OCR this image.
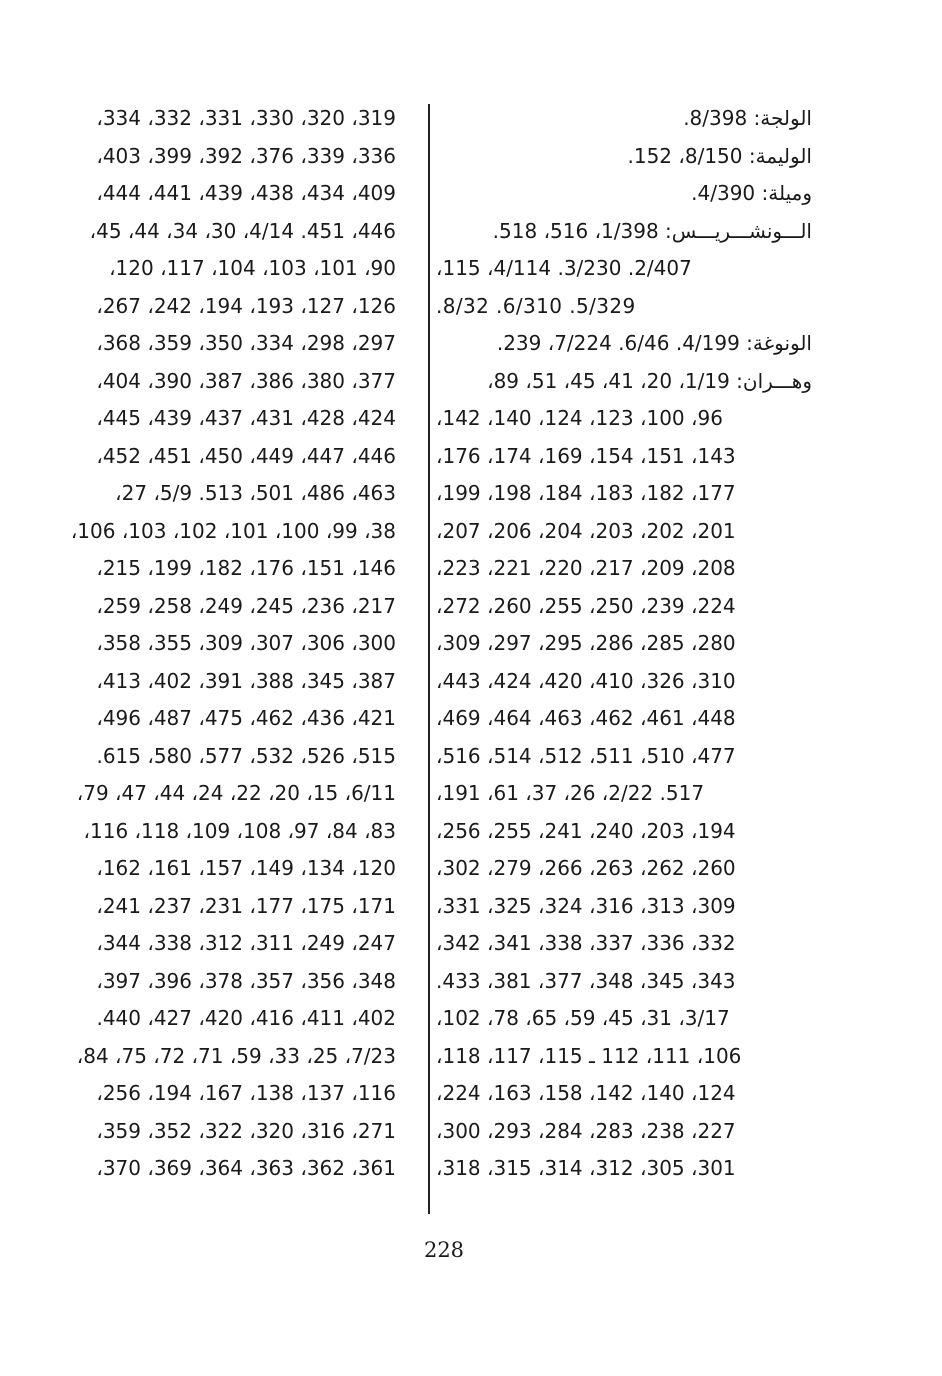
الولجة: 8/398.
الوليمة: 8/150، 152.
وميلة: 4/390.
الـــونشـــريـــس: 1/398، 516، 518.
2/407. 3/230. 4/114، 115،
5/329. 6/310. 8/32.
الونوغة: 4/199. 6/46. 7/224، 239.
وهـــران: 1/19، 20، 41، 45، 51، 89،
96، 100، 123، 124، 140، 142،
143، 151، 154، 169، 174، 176،
177، 182، 183، 184، 198، 199،
201، 202، 203، 204، 206، 207،
208، 209، 217، 220، 221، 223،
224، 239، 250، 255، 260، 272،
280، 285، 286، 295، 297، 309،
310، 326، 410، 420، 424، 443،
448، 461، 462، 463، 464، 469،
477، 510، 511، 512، 514، 516،
517. 2/22، 26، 37، 61، 191،
194، 203، 240، 241، 255، 256،
260، 262، 263، 266، 279، 302،
309، 313، 316، 324، 325، 331،
332، 336، 337، 338، 341، 342،
343، 345، 348، 377، 381، 433.
3/17، 31، 45، 59، 65، 78، 102،
106، 111، 112 ـ 115، 117، 118،
124، 140، 142، 158، 163، 224،
227، 238، 283، 284، 293، 300،
301، 305، 312، 314، 315، 318،
319، 320، 330، 331، 332، 334،
336، 339، 376، 392، 399، 403،
409، 434، 438، 439، 441، 444،
446، 451. 4/14، 30، 34، 44، 45،
90، 101، 103، 104، 117، 120،
126، 127، 193، 194، 242، 267،
297، 298، 334، 350، 359، 368،
377، 380، 386، 387، 390، 404،
424، 428، 431، 437، 439، 445،
446، 447، 449، 450، 451، 452،
463، 486، 501، 513. 5/9، 27،
38، 99، 100، 101، 102، 103، 106،
146، 151، 176، 182، 199، 215،
217، 236، 245، 249، 258، 259،
300، 306، 307، 309، 355، 358،
387، 345، 388، 391، 402، 413،
421، 436، 462، 475، 487، 496،
515، 526، 532، 577، 580، 615.
6/11، 15، 20، 22، 24، 44، 47، 79،
83، 84، 97، 108، 109، 118، 116،
120، 134، 149، 157، 161، 162،
171، 175، 177، 231، 237، 241،
247، 249، 311، 312، 338، 344،
348، 356، 357، 378، 396، 397،
402، 411، 416، 420، 427، 440.
7/23، 25، 33، 59، 71، 72، 75، 84،
116، 137، 138، 167، 194، 256،
271، 316، 320، 322، 352، 359،
361، 362، 363، 364، 369، 370،
228
